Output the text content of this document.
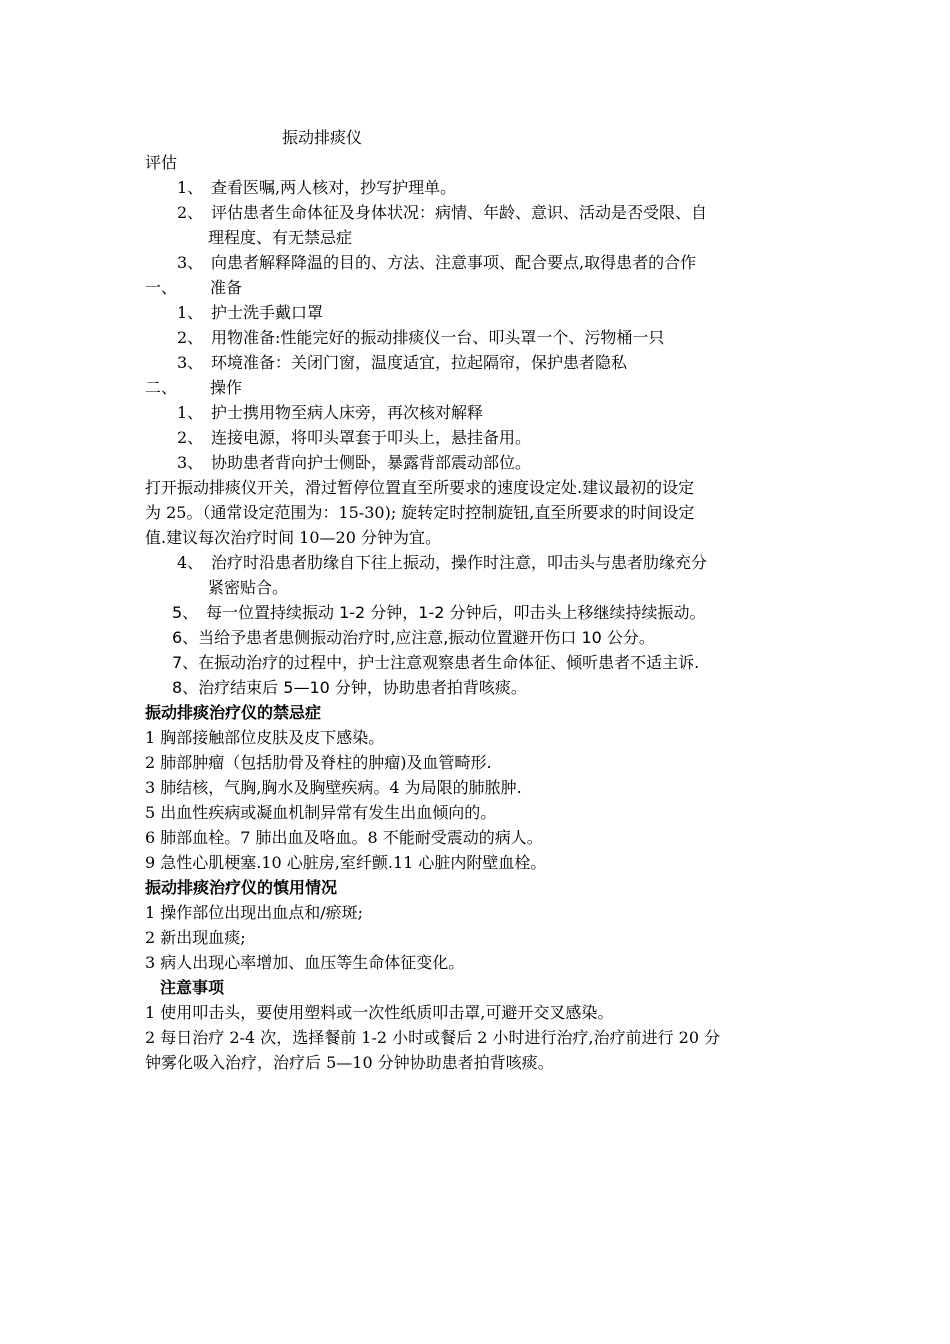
振动排痰仪
评估
1、 查看医嘱,两人核对，抄写护理单。
2、 评估患者生命体征及身体状况：病情、年龄、意识、活动是否受限、自
理程度、有无禁忌症
3、 向患者解释降温的目的、方法、注意事项、配合要点,取得患者的合作
一、 准备
1、 护士洗手戴口罩
2、 用物准备:性能完好的振动排痰仪一台、叩头罩一个、污物桶一只
3、 环境准备：关闭门窗，温度适宜，拉起隔帘，保护患者隐私
二、 操作
1、 护士携用物至病人床旁，再次核对解释
2、 连接电源，将叩头罩套于叩头上，悬挂备用。
3、 协助患者背向护士侧卧，暴露背部震动部位。
打开振动排痰仪开关，滑过暂停位置直至所要求的速度设定处.建议最初的设定
为 25。（通常设定范围为：15-30); 旋转定时控制旋钮,直至所要求的时间设定
值.建议每次治疗时间 10—20 分钟为宜。
4、 治疗时沿患者肋缘自下往上振动，操作时注意，叩击头与患者肋缘充分
紧密贴合。
5、 每一位置持续振动 1-2 分钟，1-2 分钟后，叩击头上移继续持续振动。
6、当给予患者患侧振动治疗时,应注意,振动位置避开伤口 10 公分。
7、在振动治疗的过程中，护士注意观察患者生命体征、倾听患者不适主诉.
8、治疗结束后 5—10 分钟，协助患者拍背咳痰。
振动排痰治疗仪的禁忌症
1 胸部接触部位皮肤及皮下感染。
2 肺部肿瘤（包括肋骨及脊柱的肿瘤)及血管畸形.
3 肺结核，气胸,胸水及胸壁疾病。4 为局限的肺脓肿.
5 出血性疾病或凝血机制异常有发生出血倾向的。
6 肺部血栓。7 肺出血及咯血。8 不能耐受震动的病人。
9 急性心肌梗塞.10 心脏房,室纤颤.11 心脏内附壁血栓。
振动排痰治疗仪的慎用情况
1 操作部位出现出血点和/瘀斑;
2 新出现血痰;
3 病人出现心率增加、血压等生命体征变化。
注意事项
1 使用叩击头，要使用塑料或一次性纸质叩击罩,可避开交叉感染。
2 每日治疗 2-4 次，选择餐前 1-2 小时或餐后 2 小时进行治疗,治疗前进行 20 分
钟雾化吸入治疗，治疗后 5—10 分钟协助患者拍背咳痰。
